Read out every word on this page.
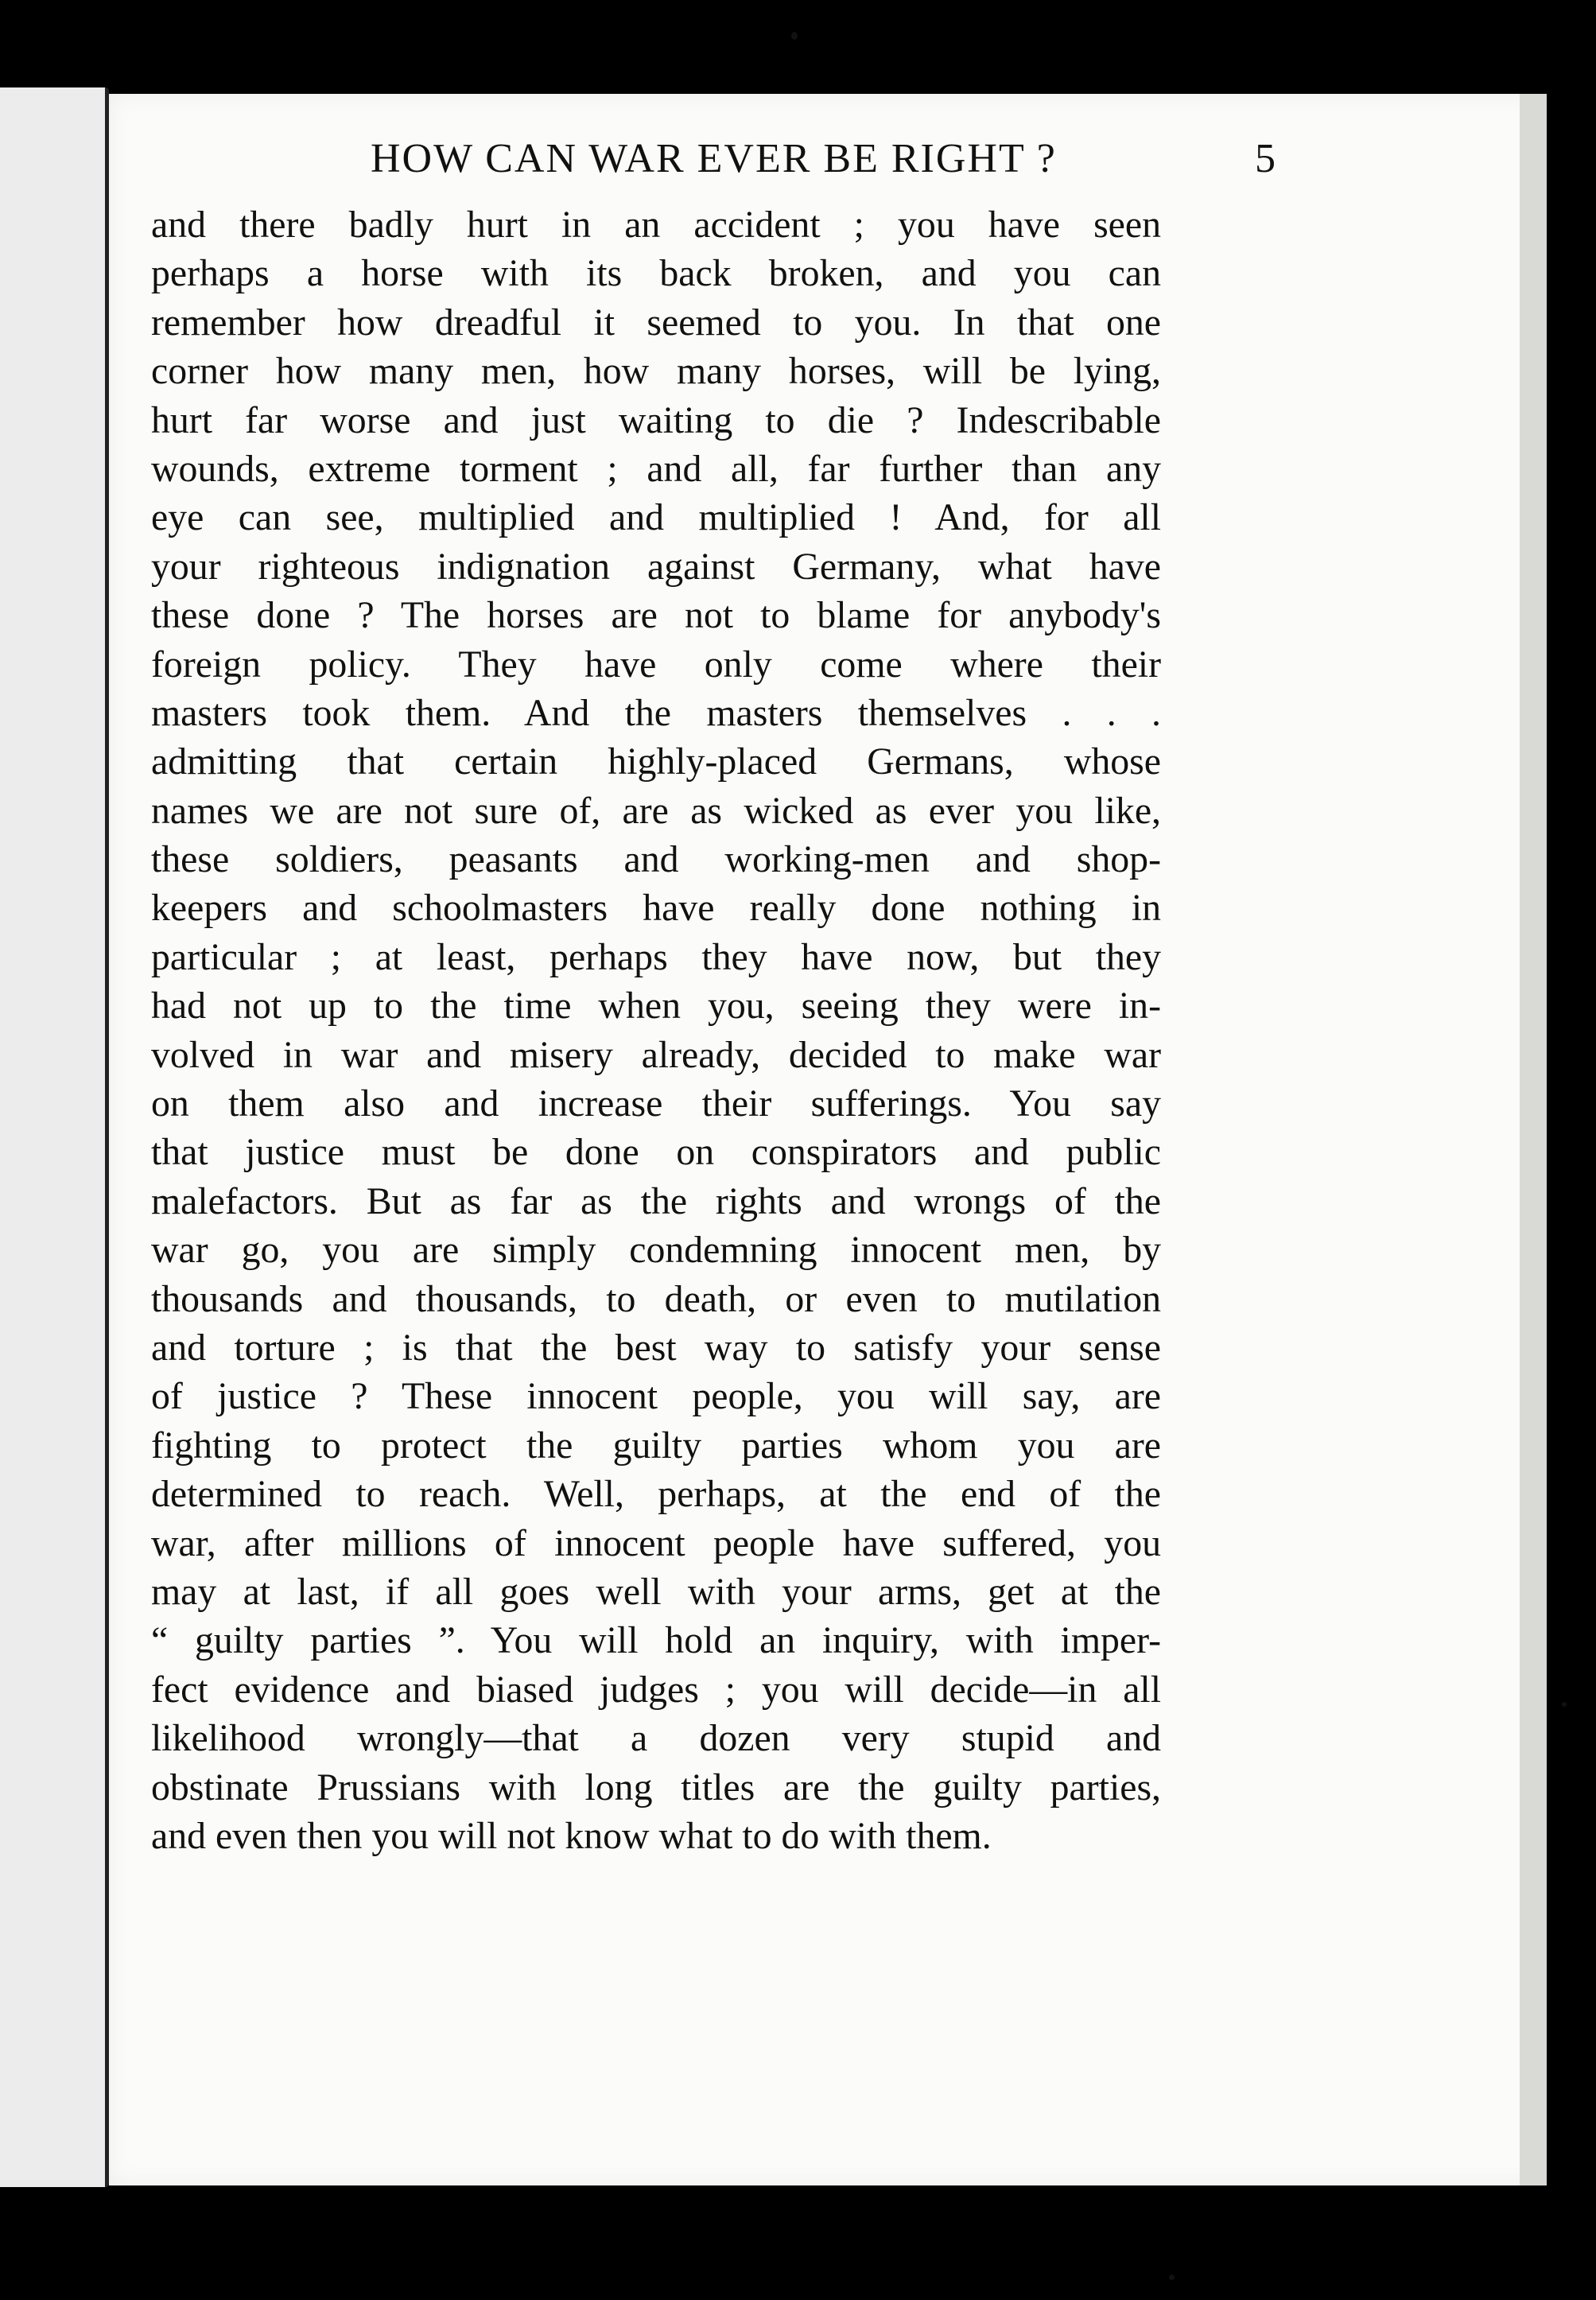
HOW CAN WAR EVER BE RIGHT ?	5
and there badly hurt in an accident ; you have seen
perhaps a horse with its back broken, and you can
remember how dreadful it seemed to you. In that one
corner how many men, how many horses, will be lying,
hurt far worse and just waiting to die ? Indescribable
wounds, extreme torment ; and all, far further than any
eye can see, multiplied and multiplied ! And, for all
your righteous indignation against Germany, what have
these done ? The horses are not to blame for anybody's
foreign policy. They have only come where their
masters took them. And the masters themselves . . .
admitting that certain highly-placed Germans, whose
names we are not sure of, are as wicked as ever you like,
these soldiers, peasants and working-men and shop-
keepers and schoolmasters have really done nothing in
particular ; at least, perhaps they have now, but they
had not up to the time when you, seeing they were in-
volved in war and misery already, decided to make war
on them also and increase their sufferings. You say
that justice must be done on conspirators and public
malefactors. But as far as the rights and wrongs of the
war go, you are simply condemning innocent men, by
thousands and thousands, to death, or even to mutilation
and torture ; is that the best way to satisfy your sense
of justice ? These innocent people, you will say, are
fighting to protect the guilty parties whom you are
determined to reach. Well, perhaps, at the end of the
war, after millions of innocent people have suffered, you
may at last, if all goes well with your arms, get at the
“ guilty parties ”. You will hold an inquiry, with imper-
fect evidence and biased judges ; you will decide—in all
likelihood wrongly—that a dozen very stupid and
obstinate Prussians with long titles are the guilty parties,
and even then you will not know what to do with them.
